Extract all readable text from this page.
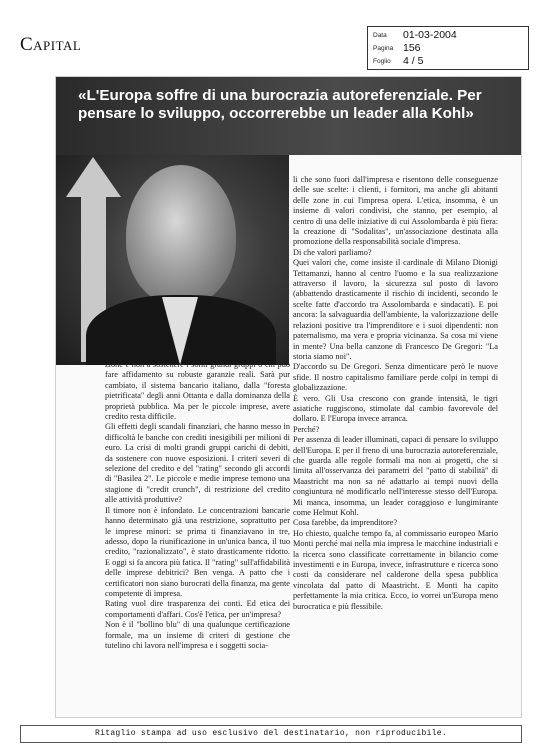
Capital	Data 01-03-2004
Pagina 156
Foglio 4 / 5
«L'Europa soffre di una burocrazia autoreferenziale. Per pensare lo sviluppo, occorrerebbe un leader alla Kohl»

zione e non a sostenere i soliti grandi gruppi o chi può fare affidamento su robuste garanzie reali. Sarà pur cambiato, il sistema bancario italiano, dalla "foresta pietrificata" degli anni Ottanta e dalla dominanza della proprietà pubblica. Ma per le piccole imprese, avere credito resta difficile.
Gli effetti degli scandali finanziari, che hanno messo in difficoltà le banche con crediti inesigibili per milioni di euro. La crisi di molti grandi gruppi carichi di debiti, da sostenere con nuove esposizioni. I criteri severi di selezione del credito e del "rating" secondo gli accordi di "Basilea 2". Le piccole e medie imprese temono una stagione di "credit crunch", di restrizione del credito alle attività produttive?
Il timore non è infondato. Le concentrazioni bancarie hanno determinato già una restrizione, soprattutto per le imprese minori: se prima ti finanziavano in tre, adesso, dopo la riunificazione in un'unica banca, il tuo credito, "razionalizzato", è stato drasticamente ridotto. E oggi si fa ancora più fatica. Il "rating" sull'affidabilità delle imprese debitrici? Ben venga. A patto che i certificatori non siano burocrati della finanza, ma gente competente di impresa.
Rating vuol dire trasparenza dei conti. Ed etica dei comportamenti d'affari. Cos'è l'etica, per un'impresa?
Non è il "bollino blu" di una qualunque certificazione formale, ma un insieme di criteri di gestione che tutelino chi lavora nell'impresa e i soggetti socia-

li che sono fuori dall'impresa e risentono delle conseguenze delle sue scelte: i clienti, i fornitori, ma anche gli abitanti delle zone in cui l'impresa opera. L'etica, insomma, è un insieme di valori condivisi, che stanno, per esempio, al centro di una delle iniziative di cui Assolombarda è più fiera: la creazione di "Sodalitas", un'associazione destinata alla promozione della responsabilità sociale d'impresa.
Di che valori parliamo?
Quei valori che, come insiste il cardinale di Milano Dionigi Tettamanzi, hanno al centro l'uomo e la sua realizzazione attraverso il lavoro, la sicurezza sul posto di lavoro (abbattendo drasticamente il rischio di incidenti, secondo le scelte fatte d'accordo tra Assolombarda e sindacati). E poi ancora: la salvaguardia dell'ambiente, la valorizzazione delle relazioni positive tra l'imprenditore e i suoi dipendenti: non paternalismo, ma vera e propria vicinanza. Sa cosa mi viene in mente? Una bella canzone di Francesco De Gregori: "La storia siamo noi".
D'accordo su De Gregori. Senza dimenticare però le nuove sfide. Il nostro capitalismo familiare perde colpi in tempi di globalizzazione.
È vero. Gli Usa crescono con grande intensità, le tigri asiatiche ruggiscono, stimolate dal cambio favorevole del dollaro. E l'Europa invece arranca.
Perché?
Per assenza di leader illuminati, capaci di pensare lo sviluppo dell'Europa. E per il freno di una burocrazia autoreferenziale, che guarda alle regole formali ma non ai progetti, che si limita all'osservanza dei parametri del "patto di stabilità" di Maastricht ma non sa né adattarlo ai tempi nuovi della congiuntura né modificarlo nell'interesse stesso dell'Europa. Mi manca, insomma, un leader coraggioso e lungimirante come Helmut Kohl.
Cosa farebbe, da imprenditore?
Ho chiesto, qualche tempo fa, al commissario europeo Mario Monti perché mai nella mia impresa le macchine industriali e la ricerca sono classificate correttamente in bilancio come investimenti e in Europa, invece, infrastrutture e ricerca sono costi da considerare nel calderone della spesa pubblica vincolata dal patto di Maastricht. E Monti ha capito perfettamente la mia critica. Ecco, io vorrei un'Europa meno burocratica e più flessibile.

Ritaglio stampa ad uso esclusivo del destinatario, non riproducibile.
